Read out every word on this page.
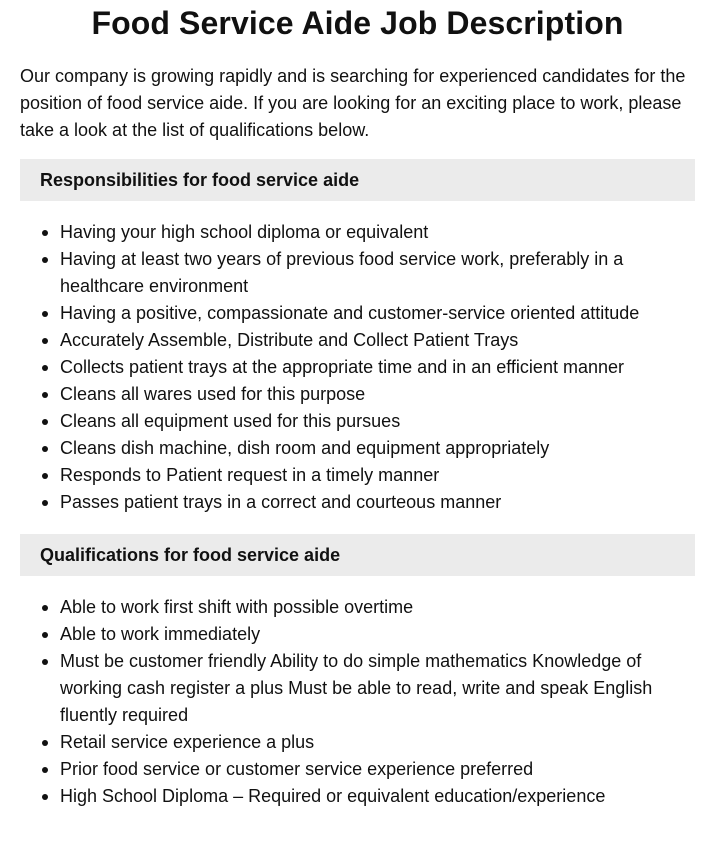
Food Service Aide Job Description

Our company is growing rapidly and is searching for experienced candidates for the position of food service aide. If you are looking for an exciting place to work, please take a look at the list of qualifications below.

Responsibilities for food service aide
Having your high school diploma or equivalent
Having at least two years of previous food service work, preferably in a healthcare environment
Having a positive, compassionate and customer-service oriented attitude
Accurately Assemble, Distribute and Collect Patient Trays
Collects patient trays at the appropriate time and in an efficient manner
Cleans all wares used for this purpose
Cleans all equipment used for this pursues
Cleans dish machine, dish room and equipment appropriately
Responds to Patient request in a timely manner
Passes patient trays in a correct and courteous manner
Qualifications for food service aide
Able to work first shift with possible overtime
Able to work immediately
Must be customer friendly Ability to do simple mathematics Knowledge of working cash register a plus Must be able to read, write and speak English fluently required
Retail service experience a plus
Prior food service or customer service experience preferred
High School Diploma – Required or equivalent education/experience
